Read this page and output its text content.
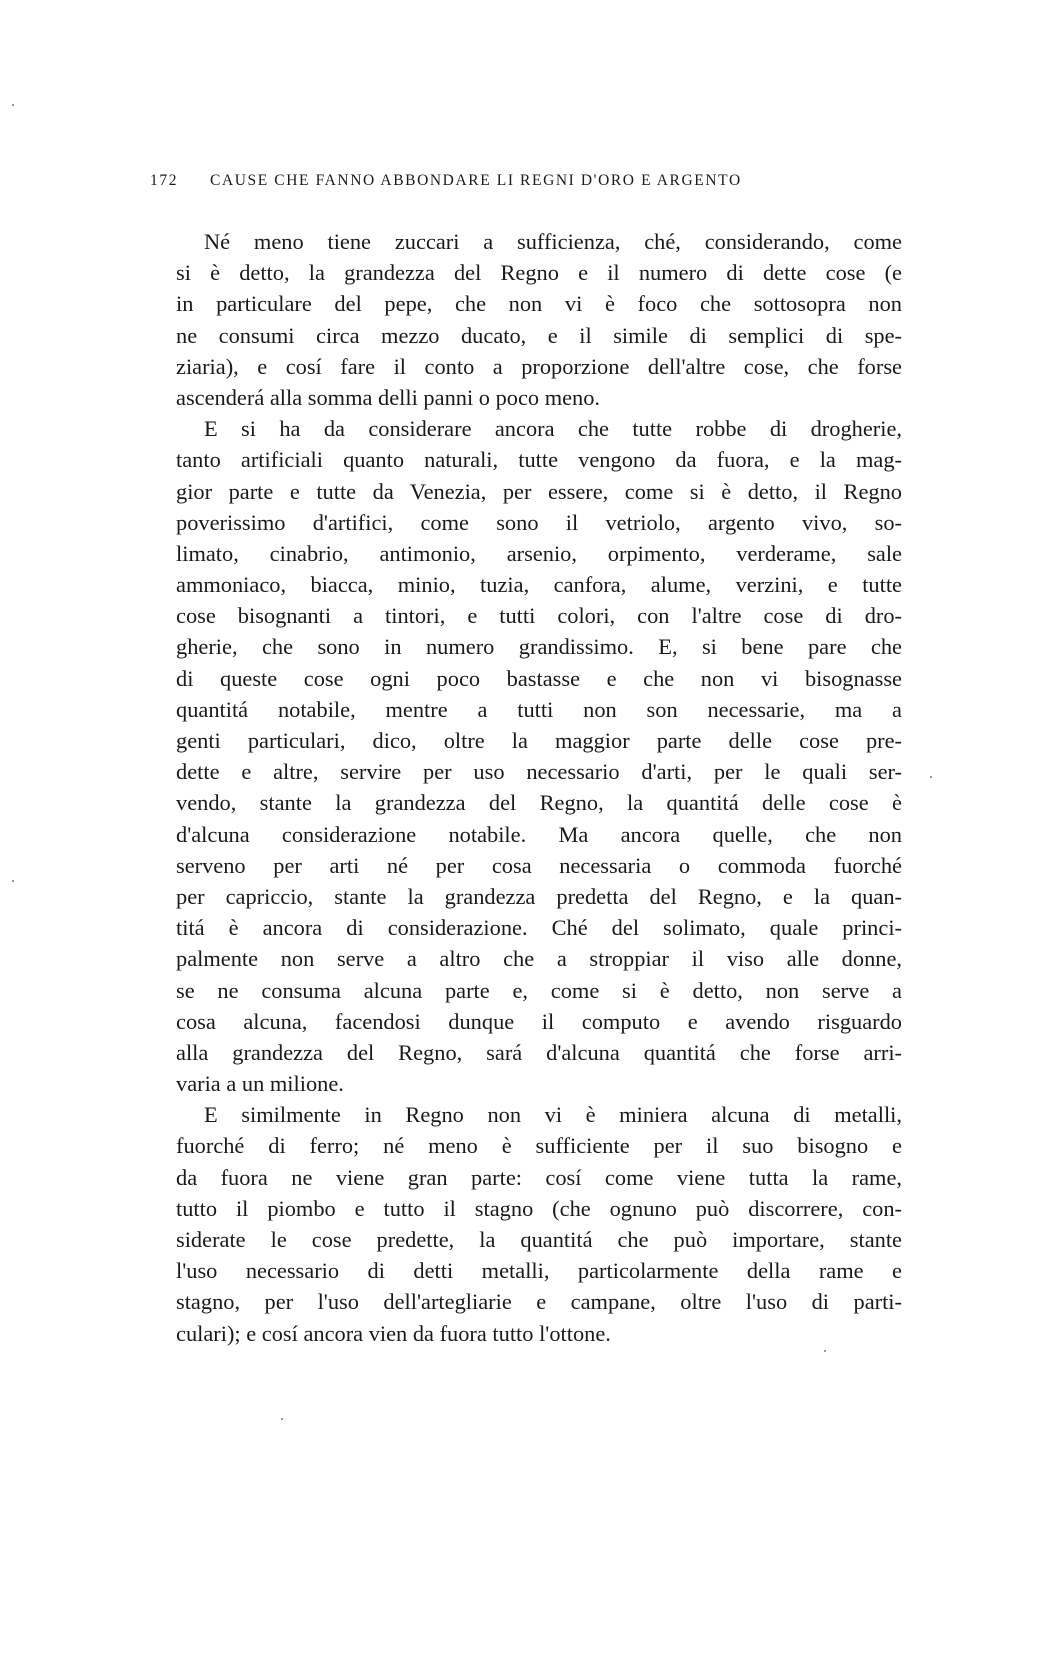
172 CAUSE CHE FANNO ABBONDARE LI REGNI D'ORO E ARGENTO
Né meno tiene zuccari a sufficienza, ché, considerando, come
si è detto, la grandezza del Regno e il numero di dette cose (e
in particulare del pepe, che non vi è foco che sottosopra non
ne consumi circa mezzo ducato, e il simile di semplici di spe-
ziaria), e cosí fare il conto a proporzione dell'altre cose, che forse
ascenderá alla somma delli panni o poco meno.
E si ha da considerare ancora che tutte robbe di drogherie,
tanto artificiali quanto naturali, tutte vengono da fuora, e la mag-
gior parte e tutte da Venezia, per essere, come si è detto, il Regno
poverissimo d'artifici, come sono il vetriolo, argento vivo, so-
limato, cinabrio, antimonio, arsenio, orpimento, verderame, sale
ammoniaco, biacca, minio, tuzia, canfora, alume, verzini, e tutte
cose bisognanti a tintori, e tutti colori, con l'altre cose di dro-
gherie, che sono in numero grandissimo. E, si bene pare che
di queste cose ogni poco bastasse e che non vi bisognasse
quantitá notabile, mentre a tutti non son necessarie, ma a
genti particulari, dico, oltre la maggior parte delle cose pre-
dette e altre, servire per uso necessario d'arti, per le quali ser-
vendo, stante la grandezza del Regno, la quantitá delle cose è
d'alcuna considerazione notabile. Ma ancora quelle, che non
serveno per arti né per cosa necessaria o commoda fuorché
per capriccio, stante la grandezza predetta del Regno, e la quan-
titá è ancora di considerazione. Ché del solimato, quale princi-
palmente non serve a altro che a stroppiar il viso alle donne,
se ne consuma alcuna parte e, come si è detto, non serve a
cosa alcuna, facendosi dunque il computo e avendo risguardo
alla grandezza del Regno, sará d'alcuna quantitá che forse arri-
varia a un milione.
E similmente in Regno non vi è miniera alcuna di metalli,
fuorché di ferro; né meno è sufficiente per il suo bisogno e
da fuora ne viene gran parte: cosí come viene tutta la rame,
tutto il piombo e tutto il stagno (che ognuno può discorrere, con-
siderate le cose predette, la quantitá che può importare, stante
l'uso necessario di detti metalli, particolarmente della rame e
stagno, per l'uso dell'artegliarie e campane, oltre l'uso di parti-
culari); e cosí ancora vien da fuora tutto l'ottone.
